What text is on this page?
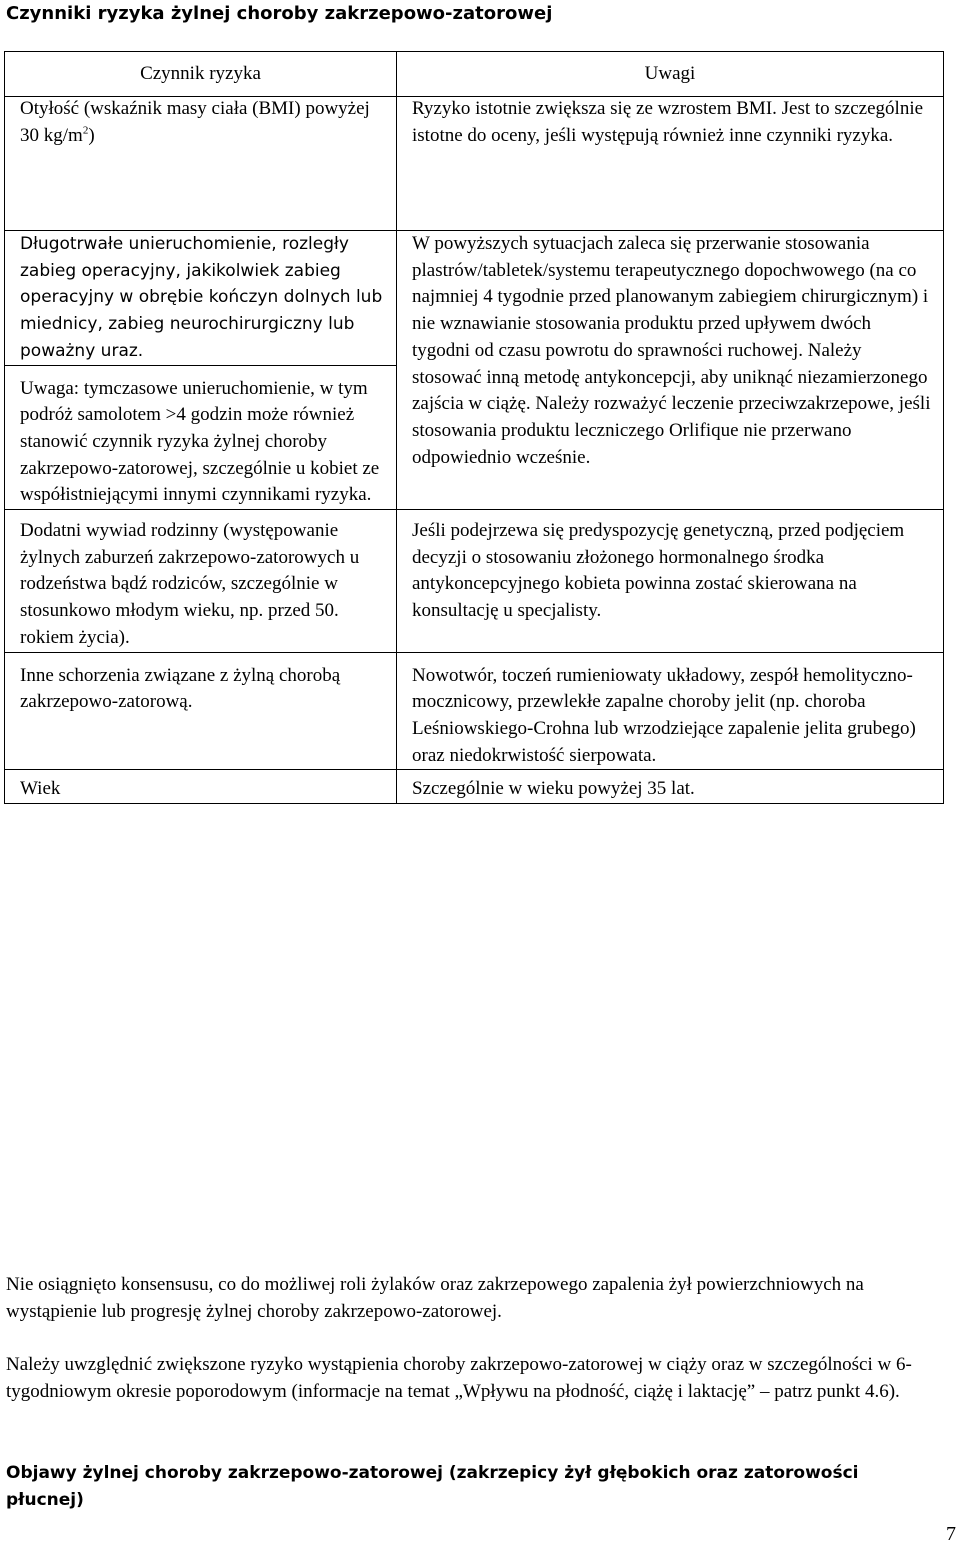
Czynniki ryzyka żylnej choroby zakrzepowo-zatorowej
Czynnik ryzyka	Uwagi

Otyłość (wskaźnik masy ciała (BMI) powyżej 30 $kg/m^2$)	Ryzyko istotnie zwiększa się ze wzrostem BMI. Jest to szczególnie istotne do oceny, jeśli występują również inne czynniki ryzyka.

Długotrwałe unieruchomienie, rozległy zabieg operacyjny, jakikolwiek zabieg operacyjny w obrębie kończyn dolnych lub miednicy, zabieg neurochirurgiczny lub poważny uraz.	W powyższych sytuacjach zaleca się przerwanie stosowania plastrów/tabletek/systemu terapeutycznego dopochwowego (na co najmniej 4 tygodnie przed planowanym zabiegiem chirurgicznym) i nie wznawianie stosowania produktu przed upływem dwóch tygodni od czasu powrotu do sprawności ruchowej. Należy stosować inną metodę antykoncepcji, aby uniknąć niezamierzonego zajścia w ciążę. Należy rozważyć leczenie przeciwzakrzepowe, jeśli stosowania produktu leczniczego Orlifique nie przerwano odpowiednio wcześnie.

Uwaga: tymczasowe unieruchomienie, w tym podróż samolotem >4 godzin może również stanowić czynnik ryzyka żylnej choroby zakrzepowo-zatorowej, szczególnie u kobiet ze współistniejącymi innymi czynnikami ryzyka.	

Dodatni wywiad rodzinny (występowanie żylnych zaburzeń zakrzepowo-zatorowych u rodzeństwa bądź rodziców, szczególnie w stosunkowo młodym wieku, np. przed 50. rokiem życia).	Jeśli podejrzewa się predyspozycję genetyczną, przed podjęciem decyzji o stosowaniu złożonego hormonalnego środka antykoncepcyjnego kobieta powinna zostać skierowana na konsultację u specjalisty.

Inne schorzenia związane z żylną chorobą zakrzepowo-zatorową.	Nowotwór, toczeń rumieniowaty układowy, zespół hemolityczno-mocznicowy, przewlekłe zapalne choroby jelit (np. choroba Leśniowskiego-Crohna lub wrzodziejące zapalenie jelita grubego) oraz niedokrwistość sierpowata.

Wiek	Szczególnie w wieku powyżej 35 lat.

Nie osiągnięto konsensusu, co do możliwej roli żylaków oraz zakrzepowego zapalenia żył powierzchniowych na wystąpienie lub progresję żylnej choroby zakrzepowo-zatorowej.

Należy uwzględnić zwiększone ryzyko wystąpienia choroby zakrzepowo-zatorowej w ciąży oraz w szczególności w 6-tygodniowym okresie poporodowym (informacje na temat „Wpływu na płodność, ciążę i laktację” – patrz punkt 4.6).

Objawy żylnej choroby zakrzepowo-zatorowej (zakrzepicy żył głębokich oraz zatorowości płucnej)

7
